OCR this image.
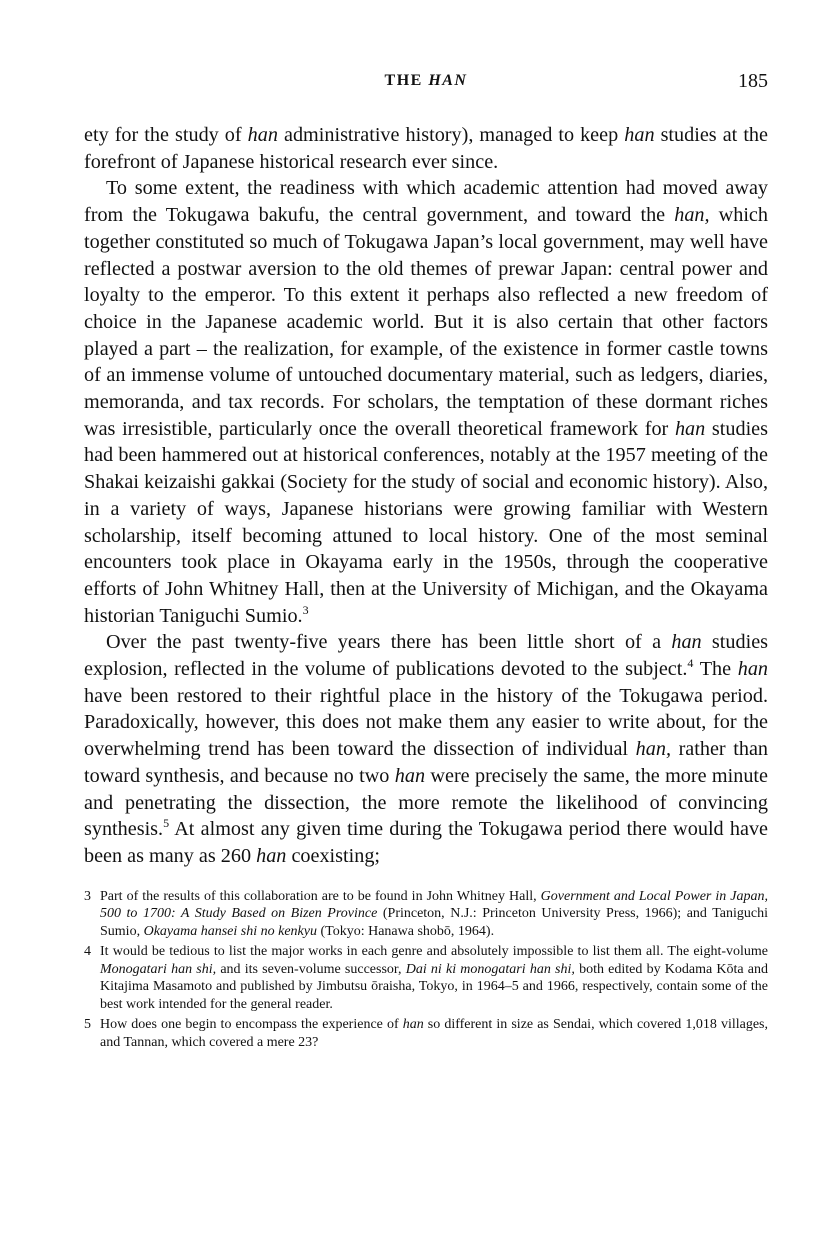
THE HAN	185

ety for the study of han administrative history), managed to keep han studies at the forefront of Japanese historical research ever since.

To some extent, the readiness with which academic attention had moved away from the Tokugawa bakufu, the central government, and toward the han, which together constituted so much of Tokugawa Japan’s local government, may well have reflected a postwar aversion to the old themes of prewar Japan: central power and loyalty to the emperor. To this extent it perhaps also reflected a new freedom of choice in the Japanese academic world. But it is also certain that other factors played a part – the realization, for example, of the existence in former castle towns of an immense volume of untouched documentary material, such as ledgers, diaries, memoranda, and tax records. For scholars, the temptation of these dormant riches was irresistible, particularly once the overall theoretical framework for han studies had been hammered out at historical conferences, notably at the 1957 meeting of the Shakai keizaishi gakkai (Society for the study of social and economic history). Also, in a variety of ways, Japanese historians were growing familiar with Western scholarship, itself becoming attuned to local history. One of the most seminal encounters took place in Okayama early in the 1950s, through the cooperative efforts of John Whitney Hall, then at the University of Michigan, and the Okayama historian Taniguchi Sumio.$^3$

Over the past twenty-five years there has been little short of a han studies explosion, reflected in the volume of publications devoted to the subject.$^4$ The han have been restored to their rightful place in the history of the Tokugawa period. Paradoxically, however, this does not make them any easier to write about, for the overwhelming trend has been toward the dissection of individual han, rather than toward synthesis, and because no two han were precisely the same, the more minute and penetrating the dissection, the more remote the likelihood of convincing synthesis.$^5$ At almost any given time during the Tokugawa period there would have been as many as 260 han coexisting;

3 Part of the results of this collaboration are to be found in John Whitney Hall, Government and Local Power in Japan, 500 to 1700: A Study Based on Bizen Province (Princeton, N.J.: Princeton University Press, 1966); and Taniguchi Sumio, Okayama hansei shi no kenkyu (Tokyo: Hanawa shobō, 1964).
4 It would be tedious to list the major works in each genre and absolutely impossible to list them all. The eight-volume Monogatari han shi, and its seven-volume successor, Dai ni ki monogatari han shi, both edited by Kodama Kōta and Kitajima Masamoto and published by Jimbutsu ōraisha, Tokyo, in 1964–5 and 1966, respectively, contain some of the best work intended for the general reader.
5 How does one begin to encompass the experience of han so different in size as Sendai, which covered 1,018 villages, and Tannan, which covered a mere 23?
